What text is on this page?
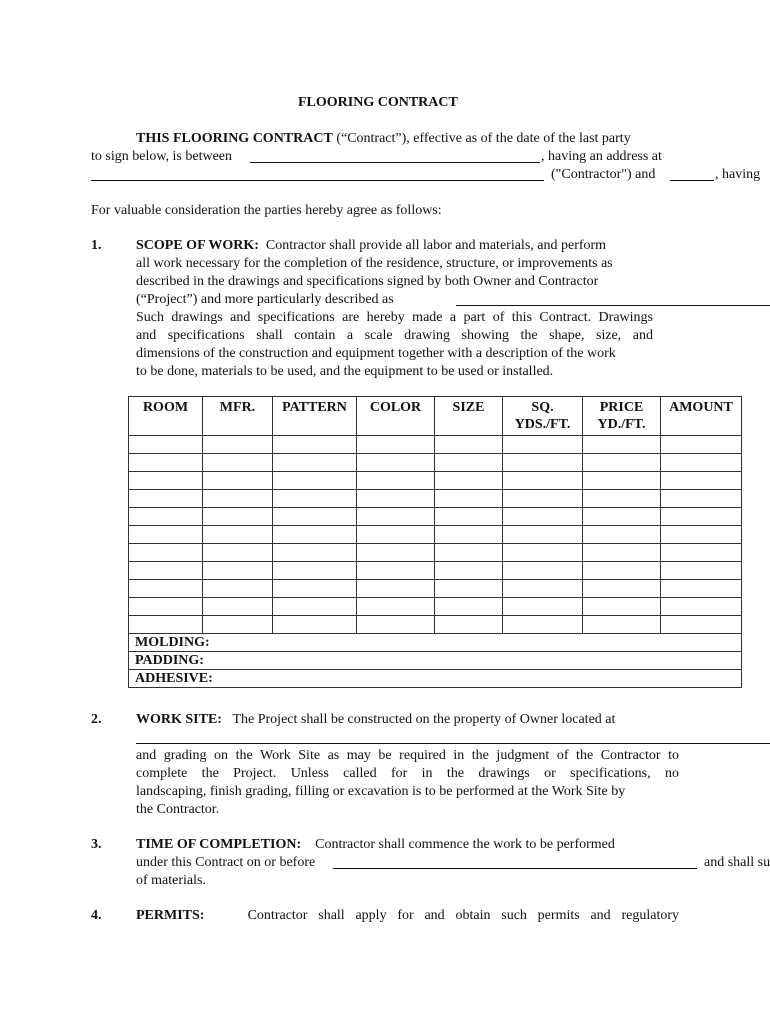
FLOORING CONTRACT
THIS FLOORING CONTRACT (“Contract”), effective as of the date of the last party
to sign below, is between	, having an address at
("Contractor") and	, having
For valuable consideration the parties hereby agree as follows:
1. SCOPE OF WORK: Contractor shall provide all labor and materials, and perform
all work necessary for the completion of the residence, structure, or improvements as
described in the drawings and specifications signed by both Owner and Contractor
(“Project”) and more particularly described as
Such drawings and specifications are hereby made a part of this Contract. Drawings
and specifications shall contain a scale drawing showing the shape, size, and
dimensions of the construction and equipment together with a description of the work
to be done, materials to be used, and the equipment to be used or installed.
ROOM	MFR.	PATTERN	COLOR	SIZE	SQ. YDS./FT.	PRICE YD./FT.	AMOUNT

MOLDING:							
PADDING:							
ADHESIVE:							
2. WORK SITE: The Project shall be constructed on the property of Owner located at
and grading on the Work Site as may be required in the judgment of the Contractor to
complete the Project. Unless called for in the drawings or specifications, no
landscaping, finish grading, filling or excavation is to be performed at the Work Site by
the Contractor.
3. TIME OF COMPLETION: Contractor shall commence the work to be performed
under this Contract on or before	and shall su
of materials.
4. PERMITS:	Contractor shall apply for and obtain such permits and regulatory
